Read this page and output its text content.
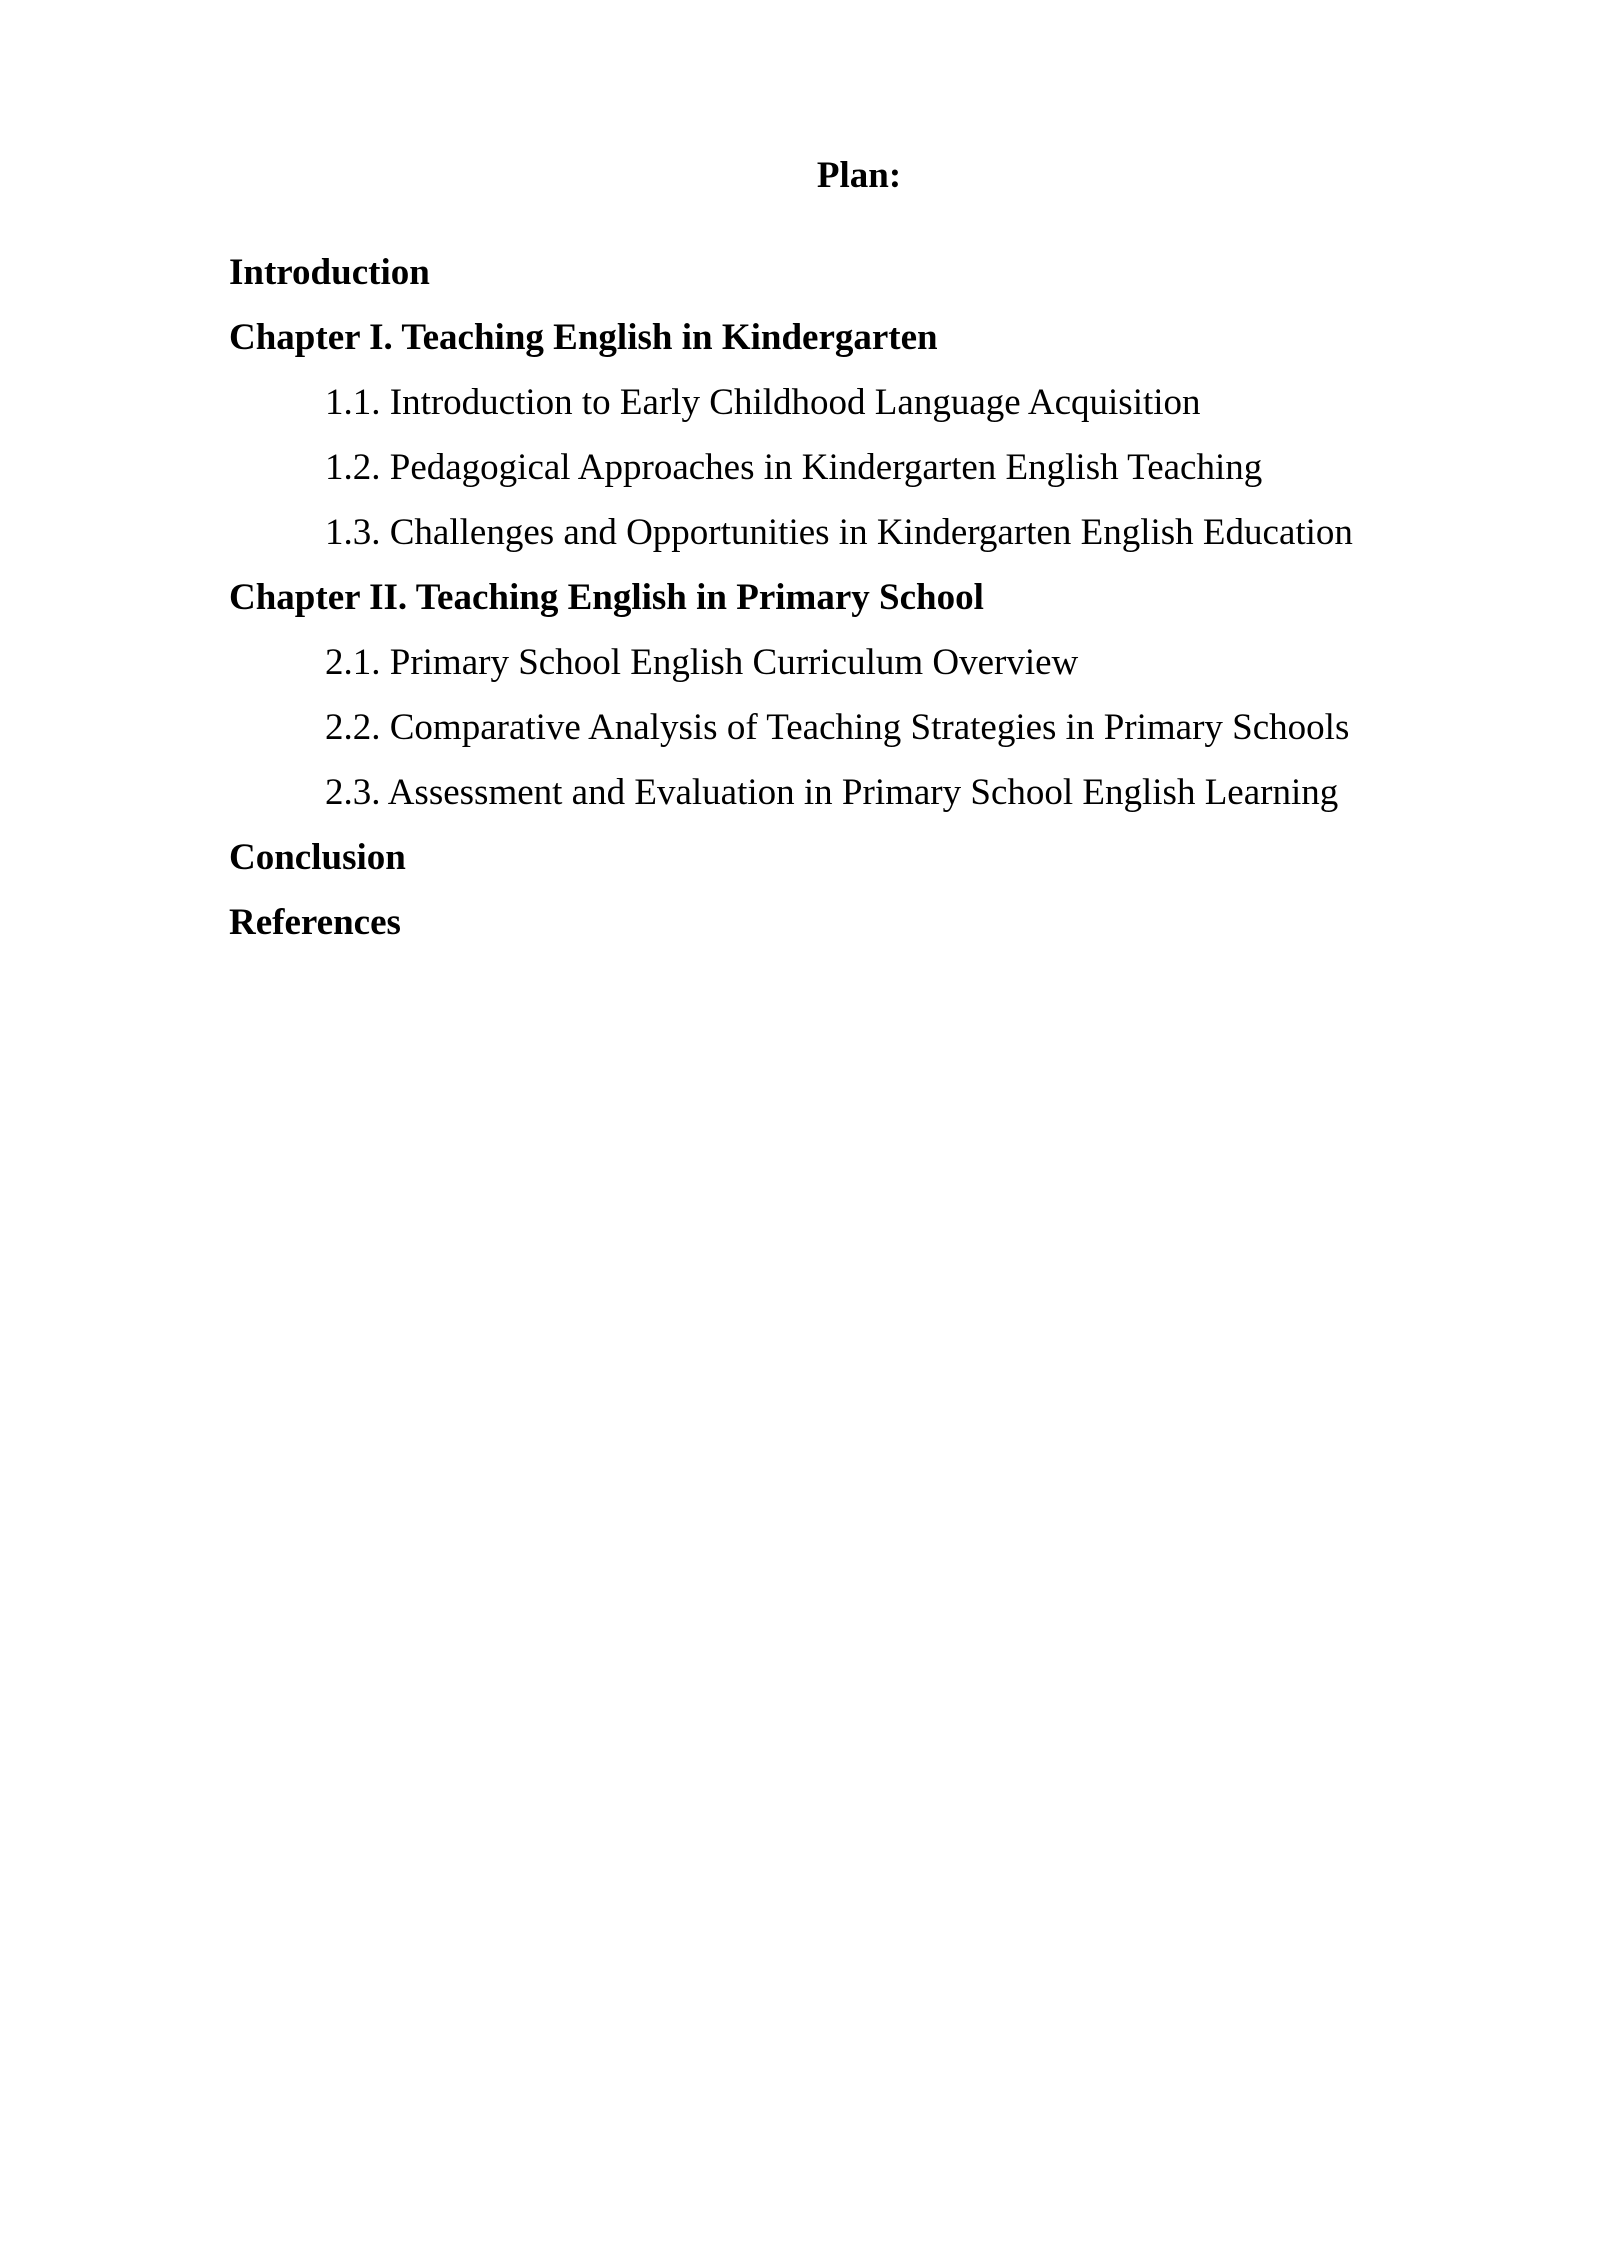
Plan:
Introduction
Chapter I. Teaching English in Kindergarten
1.1. Introduction to Early Childhood Language Acquisition
1.2. Pedagogical Approaches in Kindergarten English Teaching
1.3. Challenges and Opportunities in Kindergarten English Education
Chapter II. Teaching English in Primary School
2.1. Primary School English Curriculum Overview
2.2. Comparative Analysis of Teaching Strategies in Primary Schools
2.3. Assessment and Evaluation in Primary School English Learning
Conclusion
References
